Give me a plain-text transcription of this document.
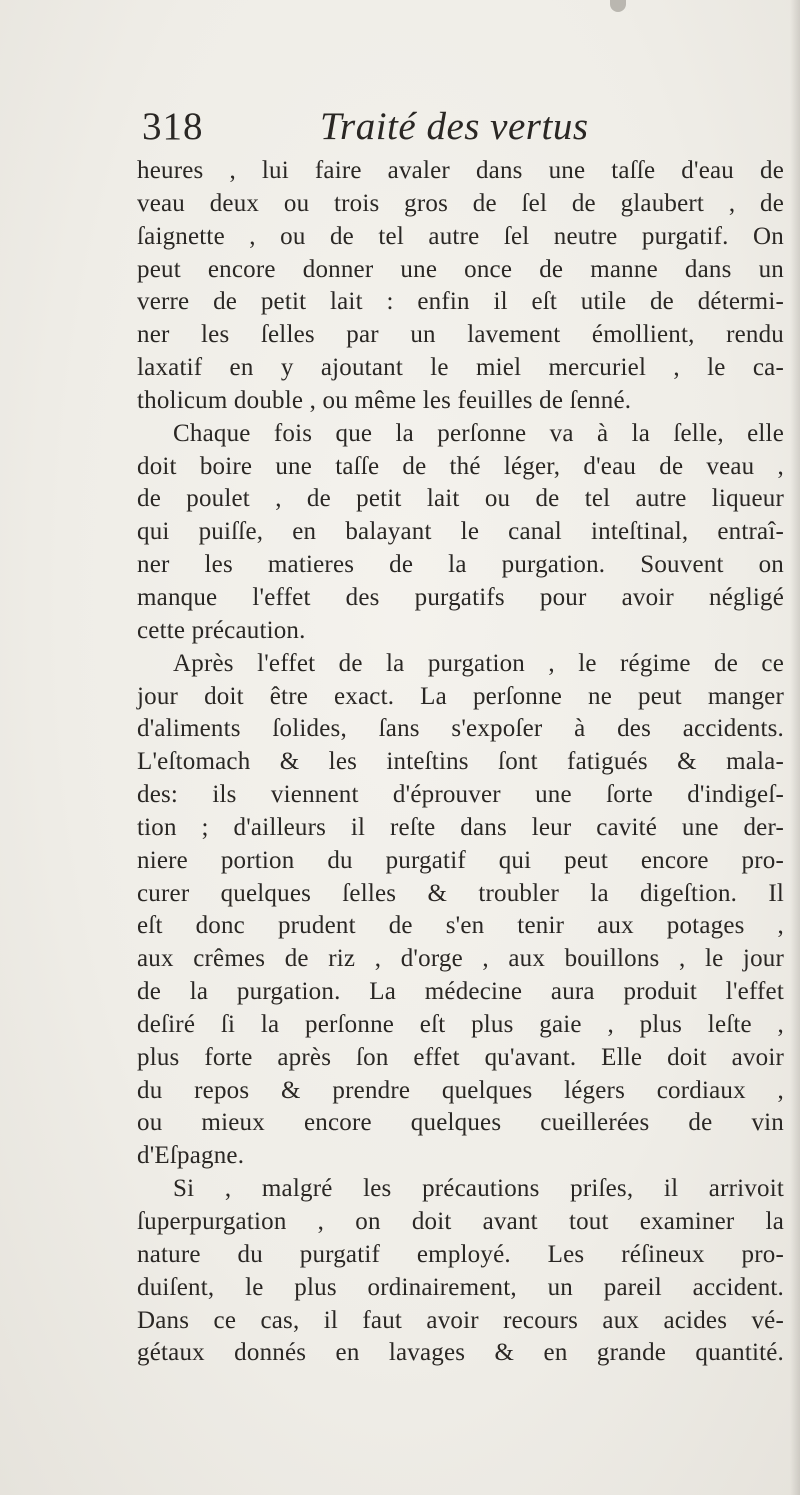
318	Traité des vertus
heures , lui faire avaler dans une taſſe d'eau de
veau deux ou trois gros de ſel de glaubert , de
ſaignette , ou de tel autre ſel neutre purgatif. On
peut encore donner une once de manne dans un
verre de petit lait : enfin il eſt utile de détermi-
ner les ſelles par un lavement émollient, rendu
laxatif en y ajoutant le miel mercuriel , le ca-
tholicum double , ou même les feuilles de ſenné.
Chaque fois que la perſonne va à la ſelle, elle
doit boire une taſſe de thé léger, d'eau de veau ,
de poulet , de petit lait ou de tel autre liqueur
qui puiſſe, en balayant le canal inteſtinal, entraî-
ner les matieres de la purgation. Souvent on
manque l'effet des purgatifs pour avoir négligé
cette précaution.
Après l'effet de la purgation , le régime de ce
jour doit être exact. La perſonne ne peut manger
d'aliments ſolides, ſans s'expoſer à des accidents.
L'eſtomach & les inteſtins ſont fatigués & mala-
des: ils viennent d'éprouver une ſorte d'indigeſ-
tion ; d'ailleurs il reſte dans leur cavité une der-
niere portion du purgatif qui peut encore pro-
curer quelques ſelles & troubler la digeſtion. Il
eſt donc prudent de s'en tenir aux potages ,
aux crêmes de riz , d'orge , aux bouillons , le jour
de la purgation. La médecine aura produit l'effet
deſiré ſi la perſonne eſt plus gaie , plus leſte ,
plus forte après ſon effet qu'avant. Elle doit avoir
du repos & prendre quelques légers cordiaux ,
ou mieux encore quelques cueillerées de vin
d'Eſpagne.
Si , malgré les précautions priſes, il arrivoit
ſuperpurgation , on doit avant tout examiner la
nature du purgatif employé. Les réſineux pro-
duiſent, le plus ordinairement, un pareil accident.
Dans ce cas, il faut avoir recours aux acides vé-
gétaux donnés en lavages & en grande quantité.
